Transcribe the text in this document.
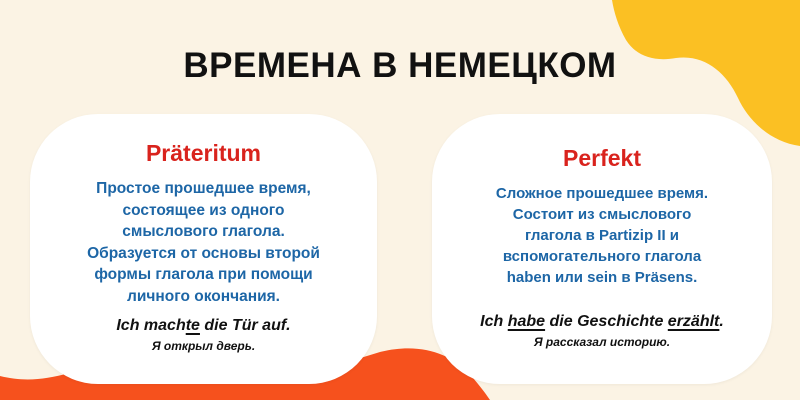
ВРЕМЕНА В НЕМЕЦКОМ
Präteritum
Простое прошедшее время,
состоящее из одного
смыслового глагола.
Образуется от основы второй
формы глагола при помощи
личного окончания.
Ich machte die Tür auf.
Я открыл дверь.
Perfekt
Сложное прошедшее время.
Состоит из смыслового
глагола в Partizip II и
вспомогательного глагола
haben или sein в Präsens.
Ich habe die Geschichte erzählt.
Я рассказал историю.
